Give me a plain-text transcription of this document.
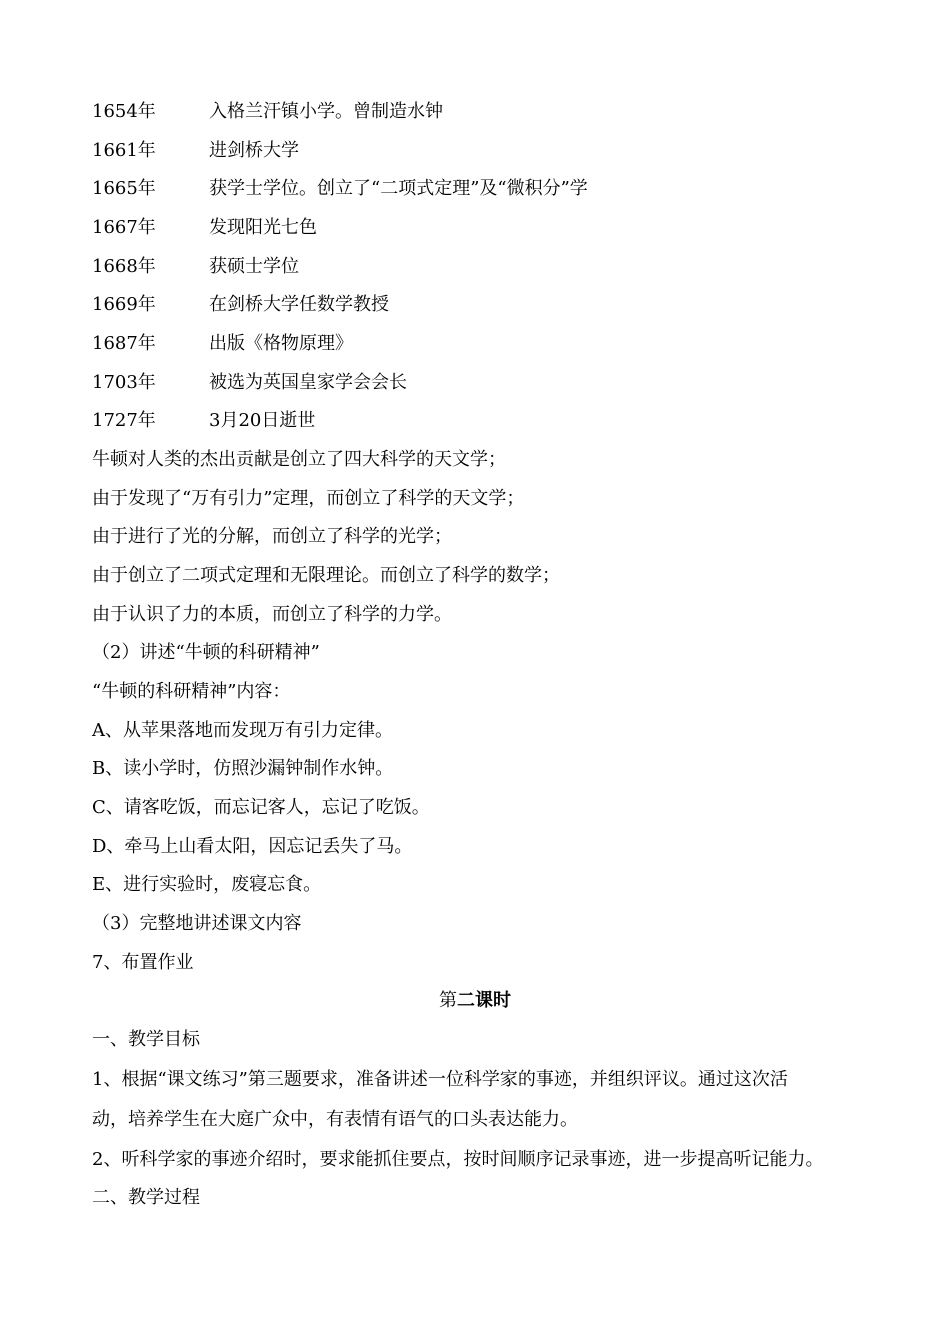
1654年	入格兰汗镇小学。曾制造水钟
1661年	进剑桥大学
1665年	获学士学位。创立了“二项式定理”及“微积分”学
1667年	发现阳光七色
1668年	获硕士学位
1669年	在剑桥大学任数学教授
1687年	出版《格物原理》
1703年	被选为英国皇家学会会长
1727年	3月20日逝世
牛顿对人类的杰出贡献是创立了四大科学的天文学；
由于发现了“万有引力”定理，而创立了科学的天文学；
由于进行了光的分解，而创立了科学的光学；
由于创立了二项式定理和无限理论。而创立了科学的数学；
由于认识了力的本质，而创立了科学的力学。
（2）讲述“牛顿的科研精神”
“牛顿的科研精神”内容：
A、从苹果落地而发现万有引力定律。
B、读小学时，仿照沙漏钟制作水钟。
C、请客吃饭，而忘记客人，忘记了吃饭。
D、牵马上山看太阳，因忘记丢失了马。
E、进行实验时，废寝忘食。
（3）完整地讲述课文内容
7、布置作业
第二课时
一、教学目标
1、根据“课文练习”第三题要求，准备讲述一位科学家的事迹，并组织评议。通过这次活
动，培养学生在大庭广众中，有表情有语气的口头表达能力。
2、听科学家的事迹介绍时，要求能抓住要点，按时间顺序记录事迹，进一步提高听记能力。
二、教学过程
